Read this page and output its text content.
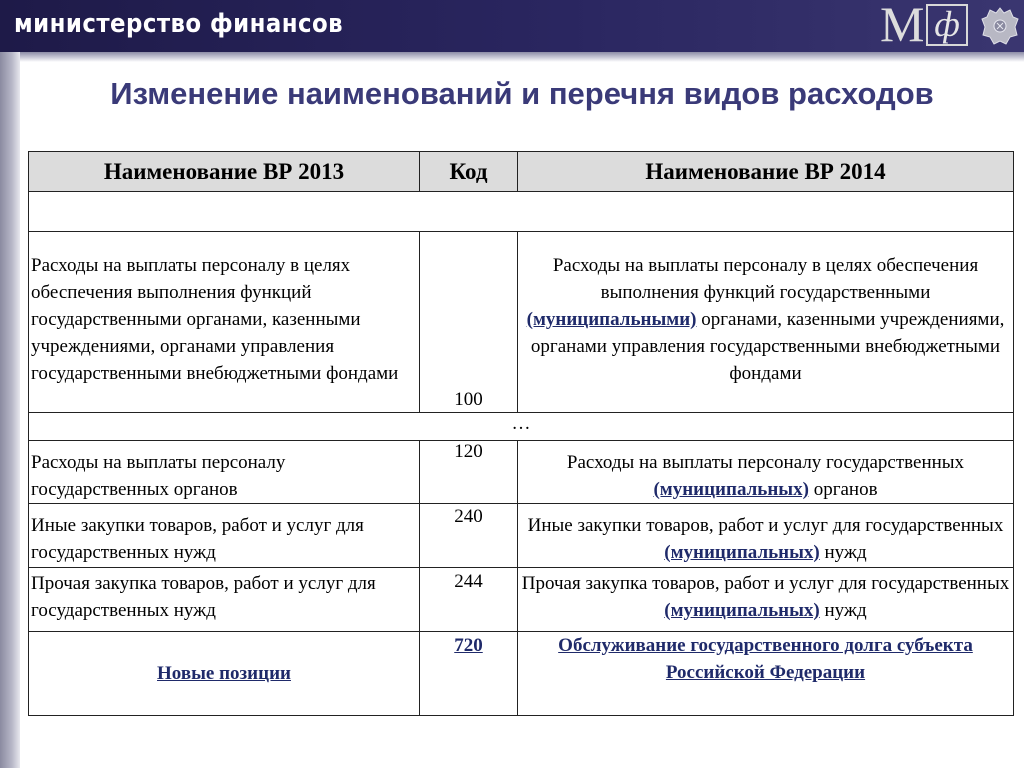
министерство финансов	М ф
Изменение наименований и перечня видов расходов
Наименование ВР 2013	Код	Наименование ВР 2014

Расходы на выплаты персоналу в целях обеспечения выполнения функций государственными органами, казенными учреждениями, органами управления государственными внебюджетными фондами	100	Расходы на выплаты персоналу в целях обеспечения выполнения функций государственными (муниципальными) органами, казенными учреждениями, органами управления государственными внебюджетными фондами
…		
Расходы на выплаты персоналу государственных органов	120	Расходы на выплаты персоналу государственных (муниципальных) органов
Иные закупки товаров, работ и услуг для государственных нужд	240	Иные закупки товаров, работ и услуг для государственных (муниципальных) нужд
Прочая закупка товаров, работ и услуг для государственных нужд	244	Прочая закупка товаров, работ и услуг для государственных (муниципальных) нужд
Новые позиции	720	Обслуживание государственного долга субъекта Российской Федерации
